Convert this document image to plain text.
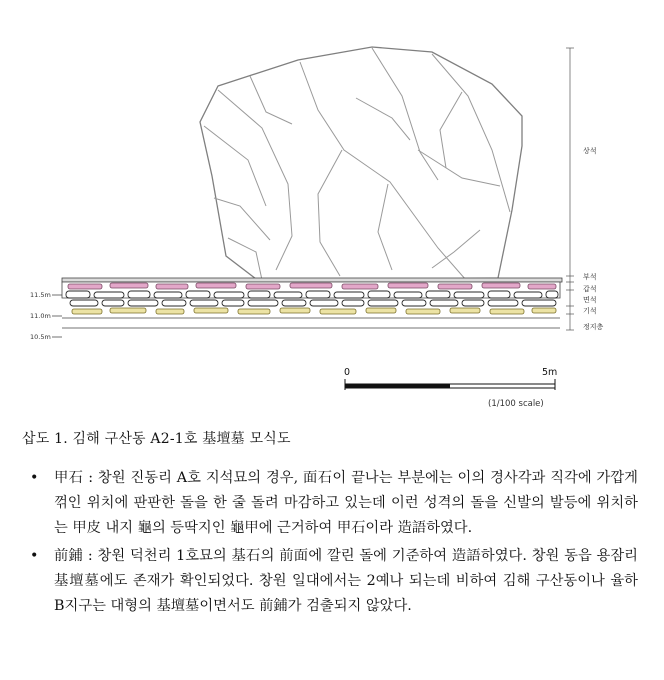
11.5m
11.0m
10.5m
상석
부석
갑석
면석
기석
정지층
0	5m
(1/100 scale)
삽도 1. 김해 구산동 A2-1호 基壇墓 모식도
• 甲石 : 창원 진동리 A호 지석묘의 경우, 面石이 끝나는 부분에는 이의 경사각과 직각에 가깝게 꺾인 위치에 판판한 돌을 한 줄 돌려 마감하고 있는데 이런 성격의 돌을 신발의 발등에 위치하는 甲皮 내지 龜의 등딱지인 龜甲에 근거하여 甲石이라 造語하였다.
• 前鋪 : 창원 덕천리 1호묘의 基石의 前面에 깔린 돌에 기준하여 造語하였다. 창원 동읍 용잠리 基壇墓에도 존재가 확인되었다. 창원 일대에서는 2예나 되는데 비하여 김해 구산동이나 율하 B지구는 대형의 基壇墓이면서도 前鋪가 검출되지 않았다.
